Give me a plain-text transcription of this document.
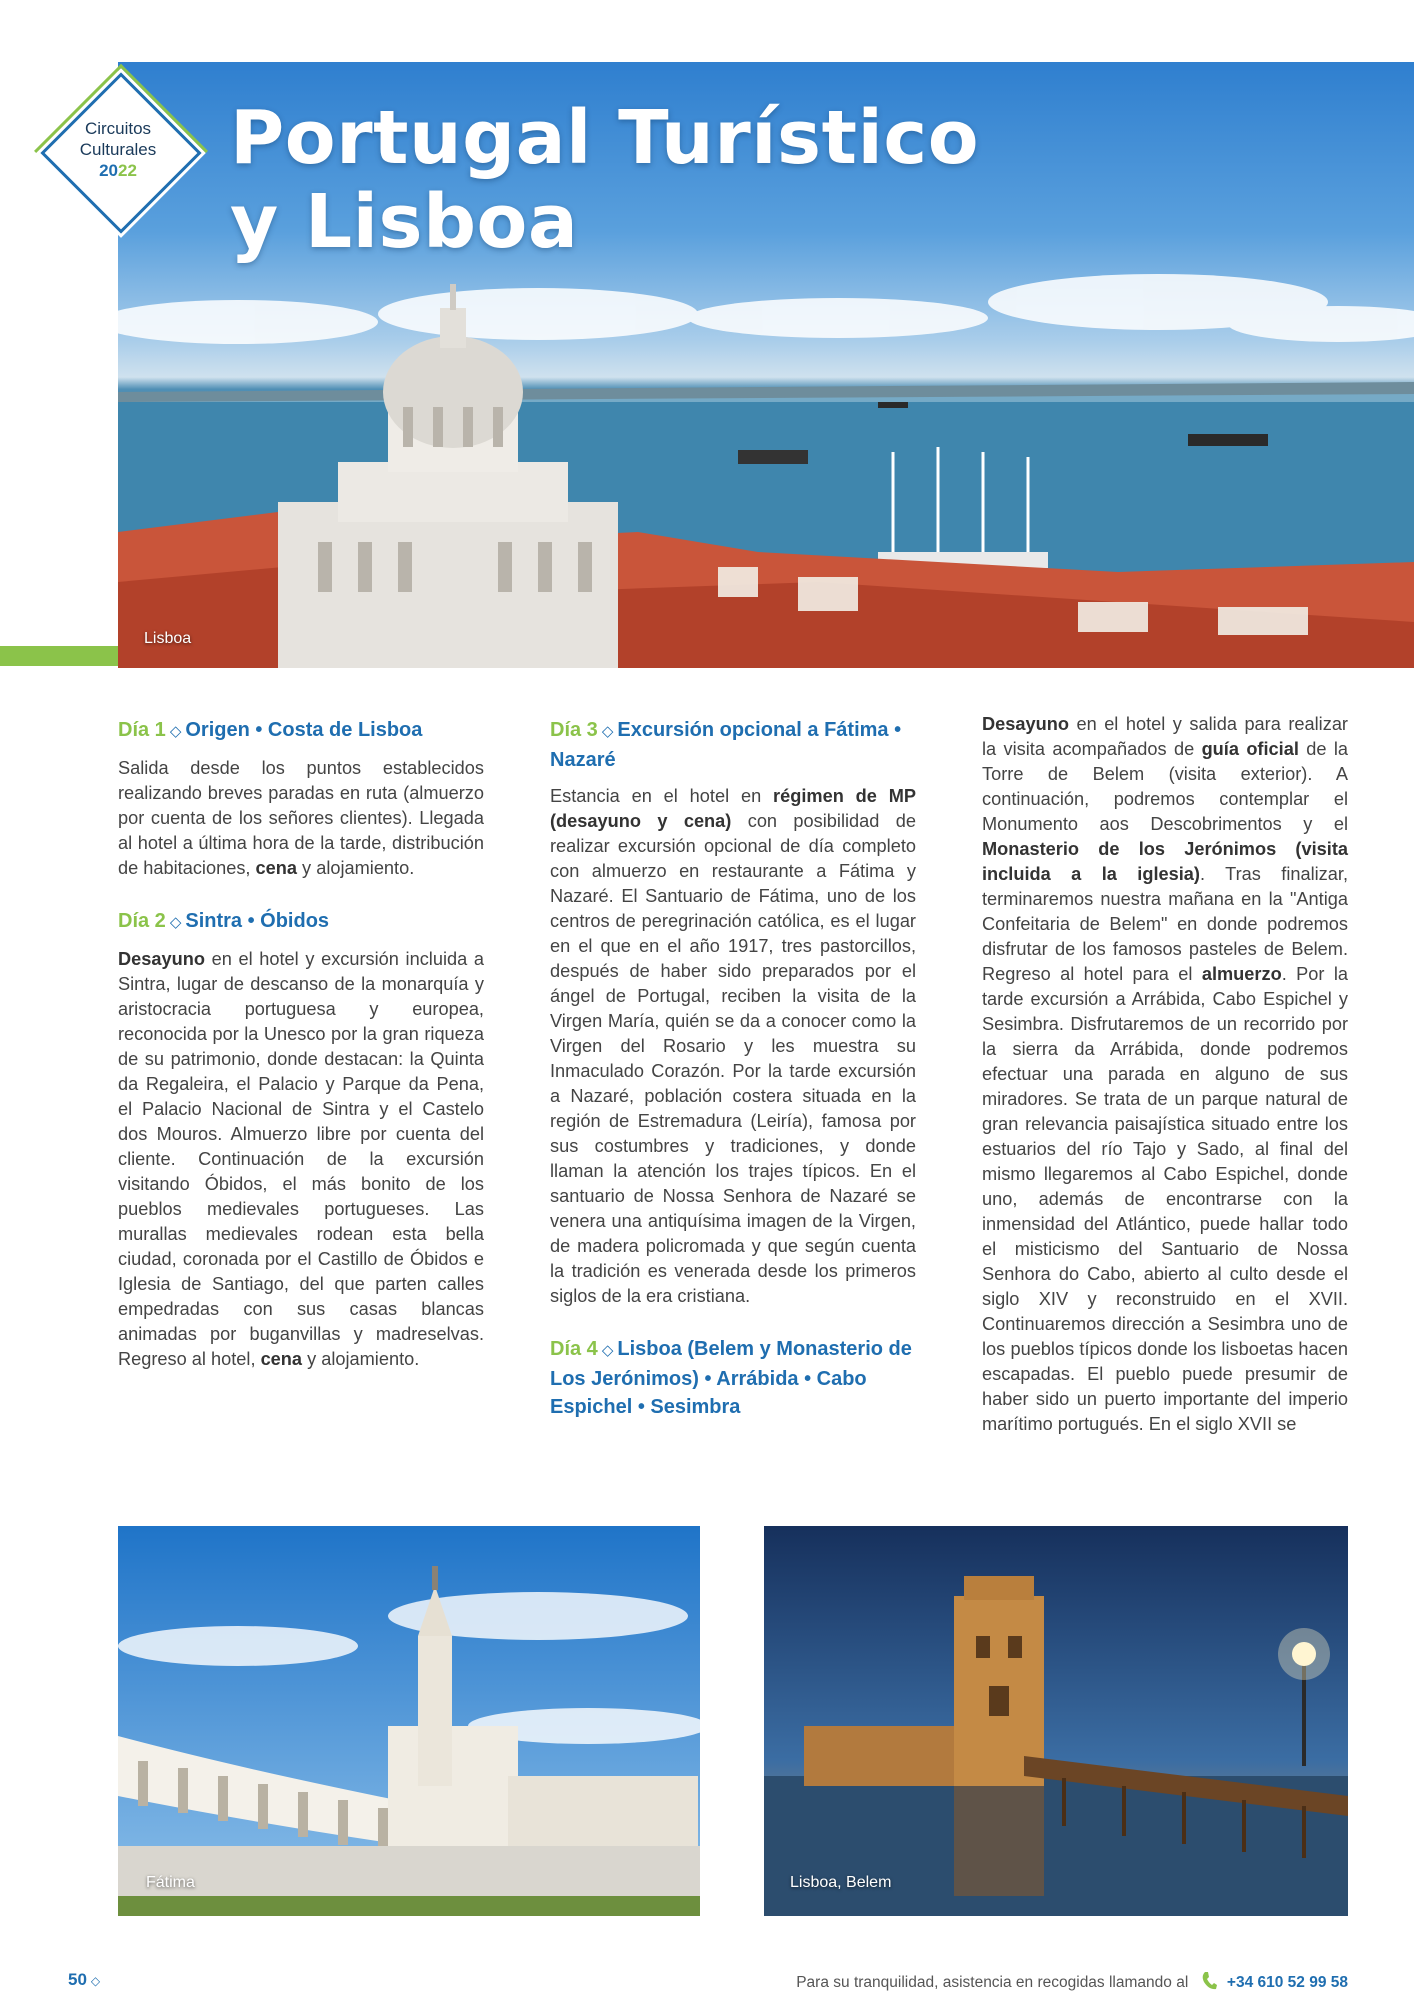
Circuitos
Culturales
2022	Portugal Turístico
y Lisboa
Lisboa
Día 1 ◇ Origen • Costa de Lisboa

Salida desde los puntos establecidos realizando breves paradas en ruta (almuerzo por cuenta de los señores clientes). Llegada al hotel a última hora de la tarde, distribución de habitaciones, cena y alojamiento.

Día 2 ◇ Sintra • Óbidos

Desayuno en el hotel y excursión incluida a Sintra, lugar de descanso de la monarquía y aristocracia portuguesa y europea, reconocida por la Unesco por la gran riqueza de su patrimonio, donde destacan: la Quinta da Regaleira, el Palacio y Parque da Pena, el Palacio Nacional de Sintra y el Castelo dos Mouros. Almuerzo libre por cuenta del cliente. Continuación de la excursión visitando Óbidos, el más bonito de los pueblos medievales portugueses. Las murallas medievales rodean esta bella ciudad, coronada por el Castillo de Óbidos e Iglesia de Santiago, del que parten calles empedradas con sus casas blancas animadas por buganvillas y madreselvas. Regreso al hotel, cena y alojamiento.

Día 3 ◇ Excursión opcional a Fátima • Nazaré

Estancia en el hotel en régimen de MP (desayuno y cena) con posibilidad de realizar excursión opcional de día completo con almuerzo en restaurante a Fátima y Nazaré. El Santuario de Fátima, uno de los centros de peregrinación católica, es el lugar en el que en el año 1917, tres pastorcillos, después de haber sido preparados por el ángel de Portugal, reciben la visita de la Virgen María, quién se da a conocer como la Virgen del Rosario y les muestra su Inmaculado Corazón. Por la tarde excursión a Nazaré, población costera situada en la región de Estremadura (Leiría), famosa por sus costumbres y tradiciones, y donde llaman la atención los trajes típicos. En el santuario de Nossa Senhora de Nazaré se venera una antiquísima imagen de la Virgen, de madera policromada y que según cuenta la tradición es venerada desde los primeros siglos de la era cristiana.

Día 4 ◇ Lisboa (Belem y Monasterio de Los Jerónimos) • Arrábida • Cabo Espichel • Sesimbra

Desayuno en el hotel y salida para realizar la visita acompañados de guía oficial de la Torre de Belem (visita exterior). A continuación, podremos contemplar el Monumento aos Descobrimentos y el Monasterio de los Jerónimos (visita incluida a la iglesia). Tras finalizar, terminaremos nuestra mañana en la "Antiga Confeitaria de Belem" en donde podremos disfrutar de los famosos pasteles de Belem. Regreso al hotel para el almuerzo. Por la tarde excursión a Arrábida, Cabo Espichel y Sesimbra. Disfrutaremos de un recorrido por la sierra da Arrábida, donde podremos efectuar una parada en alguno de sus miradores. Se trata de un parque natural de gran relevancia paisajística situado entre los estuarios del río Tajo y Sado, al final del mismo llegaremos al Cabo Espichel, donde uno, además de encontrarse con la inmensidad del Atlántico, puede hallar todo el misticismo del Santuario de Nossa Senhora do Cabo, abierto al culto desde el siglo XIV y reconstruido en el XVII. Continuaremos dirección a Sesimbra uno de los pueblos típicos donde los lisboetas hacen escapadas. El pueblo puede presumir de haber sido un puerto importante del imperio marítimo portugués. En el siglo XVII se

Fátima	Lisboa, Belem
50 ◇	Para su tranquilidad, asistencia en recogidas llamando al +34 610 52 99 58
